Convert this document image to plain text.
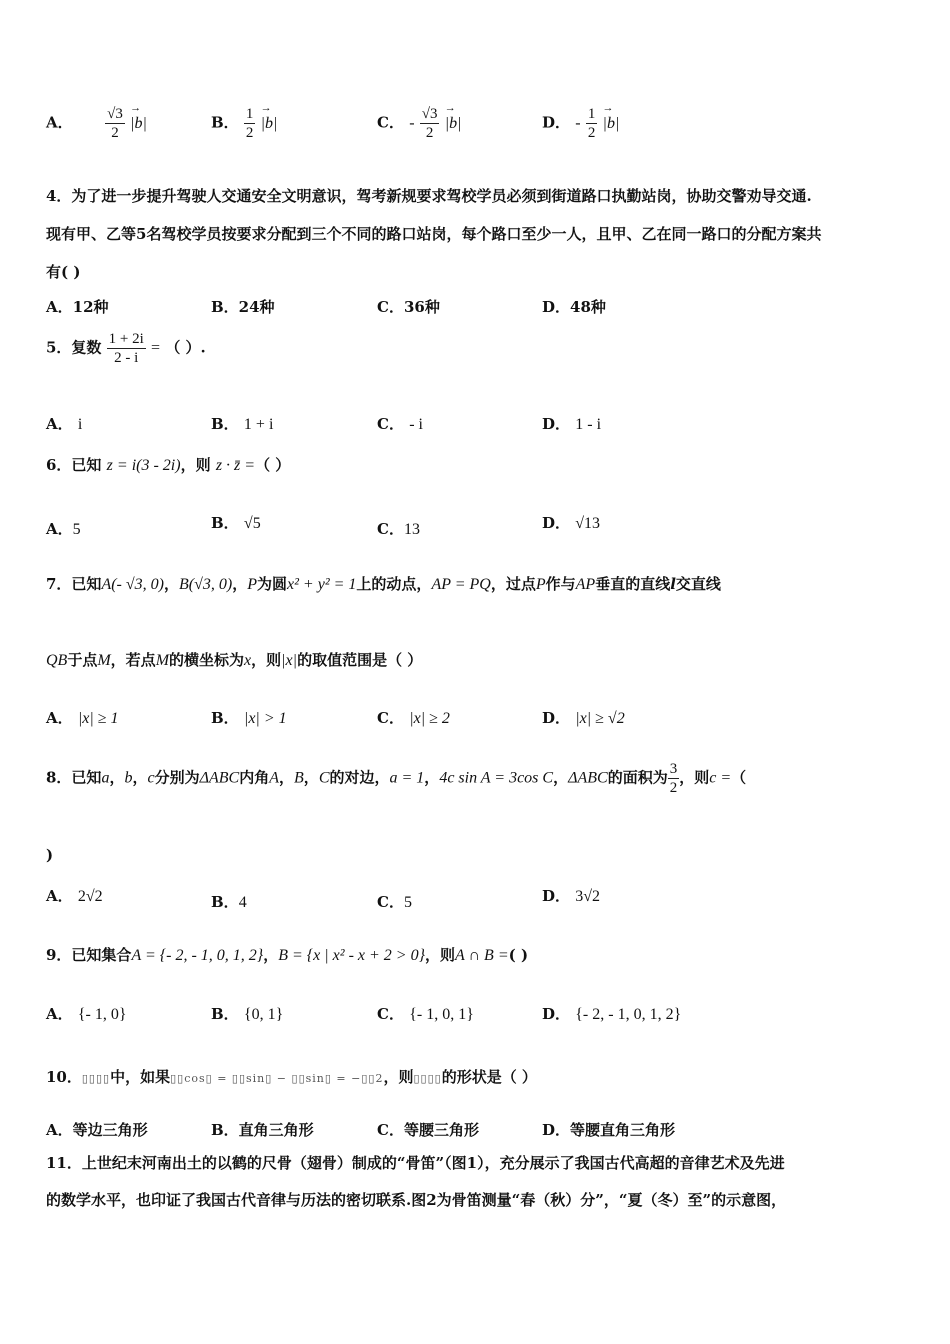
A． $\frac{√3}{2}$
→ |b|	B． $\frac{1}{2}$
→ |b|	C． - $\frac{√3}{2}$
→ |b|	D． - $\frac{1}{2}$
→ |b|
4．为了进一步提升驾驶人交通安全文明意识，驾考新规要求驾校学员必须到街道路口执勤站岗，协助交警劝导交通.
现有甲、乙等5名驾校学员按要求分配到三个不同的路口站岗，每个路口至少一人，且甲、乙在同一路口的分配方案共
有( )
A．12种	B．24种	C．36种	D．48种
5．复数 $\frac{1 + 2i}{2 - i}$ = （ ）.
A． i	B． 1 + i	C． - i	D． 1 - i
6．已知 z = i(3 - 2i)，则 z · z̄ =（ ）
A．5	B． √5	C．13	D． √13
7．已知A(- √3, 0)，B(√3, 0)，P为圆x² + y² = 1上的动点，AP = PQ，过点P作与AP垂直的直线l交直线
QB于点M，若点M的横坐标为x，则|x|的取值范围是（ ）
A． |x| ≥ 1	B． |x| > 1	C． |x| ≥ 2	D． |x| ≥ √2
8．已知a，b，c分别为ΔABC内角A，B，C的对边，a = 1，4c sin A = 3cos C，ΔABC的面积为 $\frac{3}{2}$ ，则c =（
)
A． 2√2	B．4	C．5	D． 3√2
9．已知集合A = {- 2, - 1, 0, 1, 2}，B = {x | x² - x + 2 > 0}，则A ∩ B =( )
A． {- 1, 0}	B． {0, 1}	C． {- 1, 0, 1}	D． {- 2, - 1, 0, 1, 2}
10．▯▯▯▯中，如果▯▯cos▯ = ▯▯sin▯ − ▯▯sin▯ = −▯▯2，则▯▯▯▯的形状是（ ）
A．等边三角形	B．直角三角形	C．等腰三角形	D．等腰直角三角形
11．上世纪末河南出土的以鹤的尺骨（翅骨）制成的“骨笛”（图1），充分展示了我国古代高超的音律艺术及先进
的数学水平，也印证了我国古代音律与历法的密切联系.图2为骨笛测量“春（秋）分”，“夏（冬）至”的示意图，
